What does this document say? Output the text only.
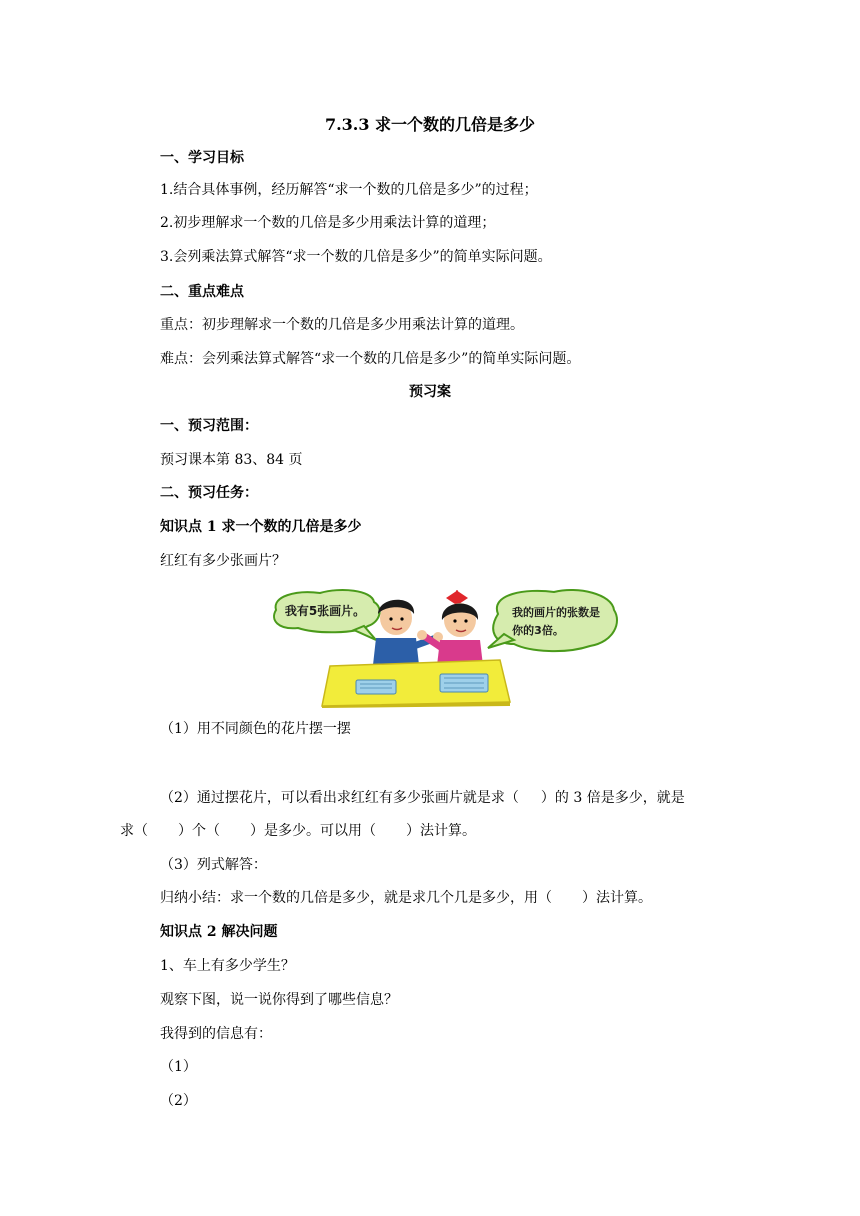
7.3.3 求一个数的几倍是多少
一、学习目标
1.结合具体事例，经历解答“求一个数的几倍是多少”的过程；
2.初步理解求一个数的几倍是多少用乘法计算的道理；
3.会列乘法算式解答“求一个数的几倍是多少”的简单实际问题。
二、重点难点
重点：初步理解求一个数的几倍是多少用乘法计算的道理。
难点：会列乘法算式解答“求一个数的几倍是多少”的简单实际问题。
预习案
一、预习范围：
预习课本第 83、84 页
二、预习任务：
知识点 1 求一个数的几倍是多少
红红有多少张画片？
我有5张画片。	我的画片的张数是
你的3倍。
（1）用不同颜色的花片摆一摆
（2）通过摆花片，可以看出求红红有多少张画片就是求（ ）的 3 倍是多少，就是
求（ ）个（ ）是多少。可以用（ ）法计算。
（3）列式解答：
归纳小结：求一个数的几倍是多少，就是求几个几是多少，用（ ）法计算。
知识点 2 解决问题
1、车上有多少学生？
观察下图，说一说你得到了哪些信息？
我得到的信息有：
（1）
（2）
